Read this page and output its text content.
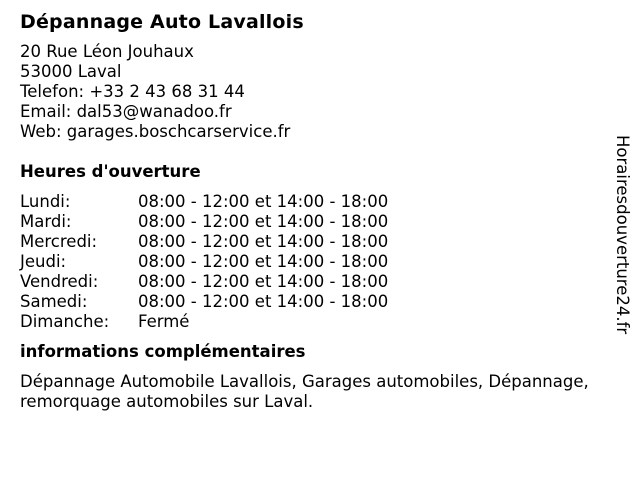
Dépannage Auto Lavallois
20 Rue Léon Jouhaux
53000 Laval
Telefon: +33 2 43 68 31 44
Email: dal53@wanadoo.fr
Web: garages.boschcarservice.fr
Heures d'ouverture
Lundi:	08:00 - 12:00 et 14:00 - 18:00
Mardi:	08:00 - 12:00 et 14:00 - 18:00
Mercredi:	08:00 - 12:00 et 14:00 - 18:00
Jeudi:	08:00 - 12:00 et 14:00 - 18:00
Vendredi:	08:00 - 12:00 et 14:00 - 18:00
Samedi:	08:00 - 12:00 et 14:00 - 18:00
Dimanche:	Fermé
informations complémentaires
Dépannage Automobile Lavallois, Garages automobiles, Dépannage, remorquage automobiles sur Laval.
Horairesdouverture24.fr
